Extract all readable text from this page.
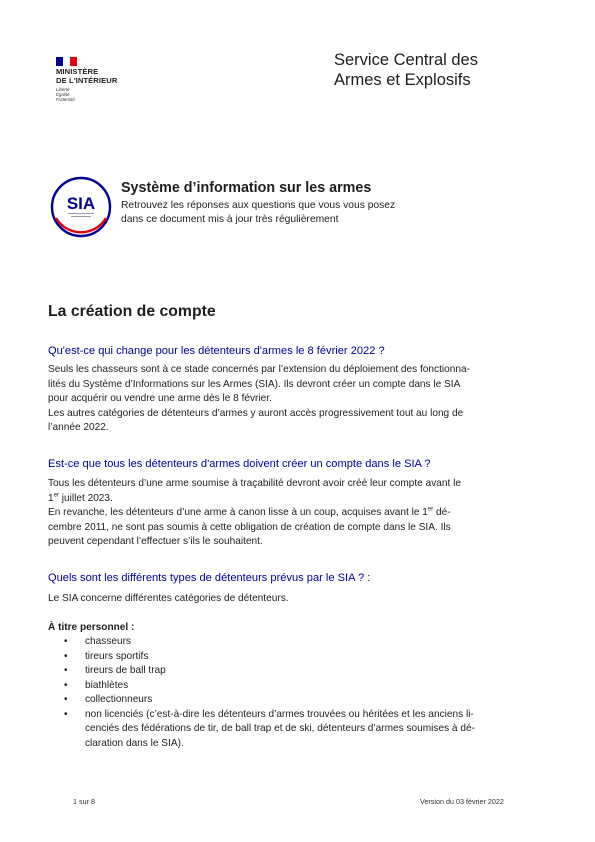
MINISTÈRE
DE L'INTÉRIEUR
Liberté
Égalité
Fraternité
Service Central des
Armes et Explosifs
SIA
Système d’information sur les armes
Retrouvez les réponses aux questions que vous vous posez
dans ce document mis à jour très régulièrement
La création de compte
Qu'est-ce qui change pour les détenteurs d'armes le 8 février 2022 ?

Seuls les chasseurs sont à ce stade concernés par l’extension du déploiement des fonctionna-

lités du Système d’Informations sur les Armes (SIA). Ils devront créer un compte dans le SIA

pour acquérir ou vendre une arme dès le 8 février.

Les autres catégories de détenteurs d’armes y auront accès progressivement tout au long de

l’année 2022.

Est-ce que tous les détenteurs d'armes doivent créer un compte dans le SIA ?

Tous les détenteurs d’une arme soumise à traçabilité devront avoir créé leur compte avant le

1er juillet 2023.

En revanche, les détenteurs d’une arme à canon lisse à un coup, acquises avant le 1er dé-

cembre 2011, ne sont pas soumis à cette obligation de création de compte dans le SIA. Ils

peuvent cependant l’effectuer s’ils le souhaitent.

Quels sont les différents types de détenteurs prévus par le SIA ? :

Le SIA concerne différentes catégories de détenteurs.

À titre personnel :

• chasseurs
• tireurs sportifs
• tireurs de ball trap
• biathlètes
• collectionneurs
• non licenciés (c’est-à-dire les détenteurs d’armes trouvées ou héritées et les anciens li-
cenciés des fédérations de tir, de ball trap et de ski, détenteurs d’armes soumises à dé-
claration dans le SIA).
1 sur 8	Version du 03 février 2022
